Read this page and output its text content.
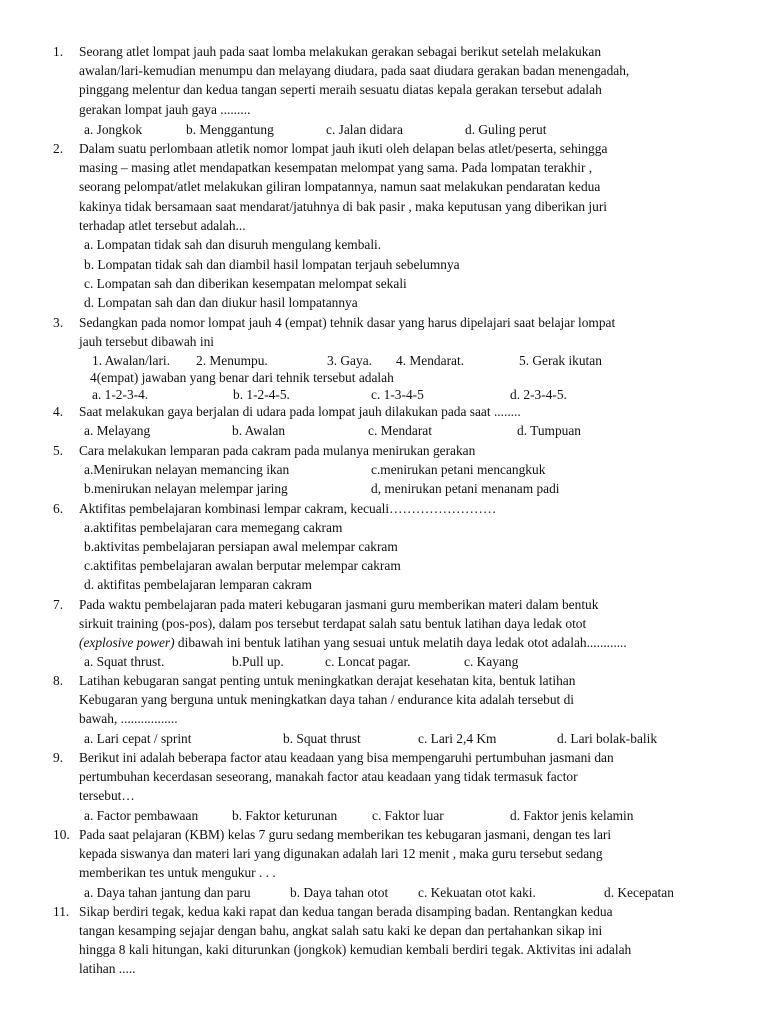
1. Seorang atlet lompat jauh pada saat lomba melakukan gerakan sebagai berikut setelah melakukan
awalan/lari-kemudian menumpu dan melayang diudara, pada saat diudara gerakan badan menengadah,
pinggang melentur dan kedua tangan seperti meraih sesuatu diatas kepala gerakan tersebut adalah
gerakan lompat jauh gaya .........
a. Jongkok	b. Menggantung	c. Jalan didara	d. Guling perut
2. Dalam suatu perlombaan atletik nomor lompat jauh ikuti oleh delapan belas atlet/peserta, sehingga
masing – masing atlet mendapatkan kesempatan melompat yang sama. Pada lompatan terakhir ,
seorang pelompat/atlet melakukan giliran lompatannya, namun saat melakukan pendaratan kedua
kakinya tidak bersamaan saat mendarat/jatuhnya di bak pasir , maka keputusan yang diberikan juri
terhadap atlet tersebut adalah...
a. Lompatan tidak sah dan disuruh mengulang kembali.
b. Lompatan tidak sah dan diambil hasil lompatan terjauh sebelumnya
c. Lompatan sah dan diberikan kesempatan melompat sekali
d. Lompatan sah dan dan diukur hasil lompatannya
3. Sedangkan pada nomor lompat jauh 4 (empat) tehnik dasar yang harus dipelajari saat belajar lompat
jauh tersebut dibawah ini
1. Awalan/lari. 2. Menumpu.	3. Gaya. 4. Mendarat.	5. Gerak ikutan
4(empat) jawaban yang benar dari tehnik tersebut adalah
a. 1-2-3-4.	b. 1-2-4-5.	c. 1-3-4-5	d. 2-3-4-5.
4. Saat melakukan gaya berjalan di udara pada lompat jauh dilakukan pada saat ........
a. Melayang	b. Awalan	c. Mendarat	d. Tumpuan
5. Cara melakukan lemparan pada cakram pada mulanya menirukan gerakan
a.Menirukan nelayan memancing ikan	c.menirukan petani mencangkuk
b.menirukan nelayan melempar jaring	d, menirukan petani menanam padi
6. Aktifitas pembelajaran kombinasi lempar cakram, kecuali……………………
a.aktifitas pembelajaran cara memegang cakram
b.aktivitas pembelajaran persiapan awal melempar cakram
c.aktifitas pembelajaran awalan berputar melempar cakram
d. aktifitas pembelajaran lemparan cakram
7. Pada waktu pembelajaran pada materi kebugaran jasmani guru memberikan materi dalam bentuk
sirkuit training (pos-pos), dalam pos tersebut terdapat salah satu bentuk latihan daya ledak otot
(explosive power) dibawah ini bentuk latihan yang sesuai untuk melatih daya ledak otot adalah............
a. Squat thrust.	b.Pull up.	c. Loncat pagar.	c. Kayang
8. Latihan kebugaran sangat penting untuk meningkatkan derajat kesehatan kita, bentuk latihan
Kebugaran yang berguna untuk meningkatkan daya tahan / endurance kita adalah tersebut di
bawah, .................
a. Lari cepat / sprint	b. Squat thrust	c. Lari 2,4 Km	d. Lari bolak-balik
9. Berikut ini adalah beberapa factor atau keadaan yang bisa mempengaruhi pertumbuhan jasmani dan
pertumbuhan kecerdasan seseorang, manakah factor atau keadaan yang tidak termasuk factor
tersebut…
a. Factor pembawaan	b. Faktor keturunan	c. Faktor luar	d. Faktor jenis kelamin
10. Pada saat pelajaran (KBM) kelas 7 guru sedang memberikan tes kebugaran jasmani, dengan tes lari
kepada siswanya dan materi lari yang digunakan adalah lari 12 menit , maka guru tersebut sedang
memberikan tes untuk mengukur . . .
a. Daya tahan jantung dan paru	b. Daya tahan otot c. Kekuatan otot kaki.	d. Kecepatan
11. Sikap berdiri tegak, kedua kaki rapat dan kedua tangan berada disamping badan. Rentangkan kedua
tangan kesamping sejajar dengan bahu, angkat salah satu kaki ke depan dan pertahankan sikap ini
hingga 8 kali hitungan, kaki diturunkan (jongkok) kemudian kembali berdiri tegak. Aktivitas ini adalah
latihan .....
